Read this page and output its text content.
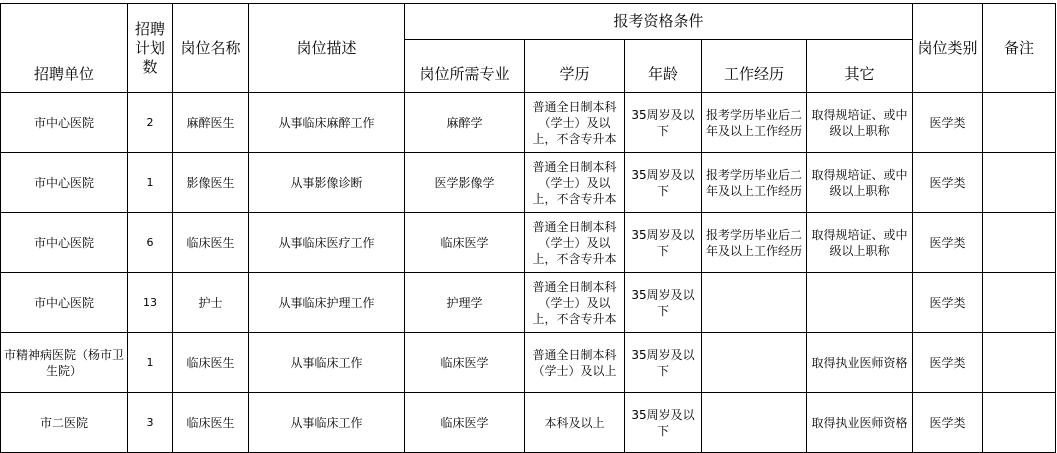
招聘单位	招聘计划数	岗位名称	岗位描述	报考资格条件					岗位类别	备注
				岗位所需专业	学历	年龄	工作经历	其它		
市中心医院	2	麻醉医生	从事临床麻醉工作	麻醉学	普通全日制本科（学士）及以上，不含专升本	35周岁及以下	报考学历毕业后二年及以上工作经历	取得规培证、或中级以上职称	医学类	
市中心医院	1	影像医生	从事影像诊断	医学影像学	普通全日制本科（学士）及以上，不含专升本	35周岁及以下	报考学历毕业后二年及以上工作经历	取得规培证、或中级以上职称	医学类	
市中心医院	6	临床医生	从事临床医疗工作	临床医学	普通全日制本科（学士）及以上，不含专升本	35周岁及以下	报考学历毕业后二年及以上工作经历	取得规培证、或中级以上职称	医学类	
市中心医院	13	护士	从事临床护理工作	护理学	普通全日制本科（学士）及以上，不含专升本	35周岁及以下			医学类	
市精神病医院（杨市卫生院）	1	临床医生	从事临床工作	临床医学	普通全日制本科（学士）及以上	35周岁及以下		取得执业医师资格	医学类	
市二医院	3	临床医生	从事临床工作	临床医学	本科及以上	35周岁及以下		取得执业医师资格	医学类	
